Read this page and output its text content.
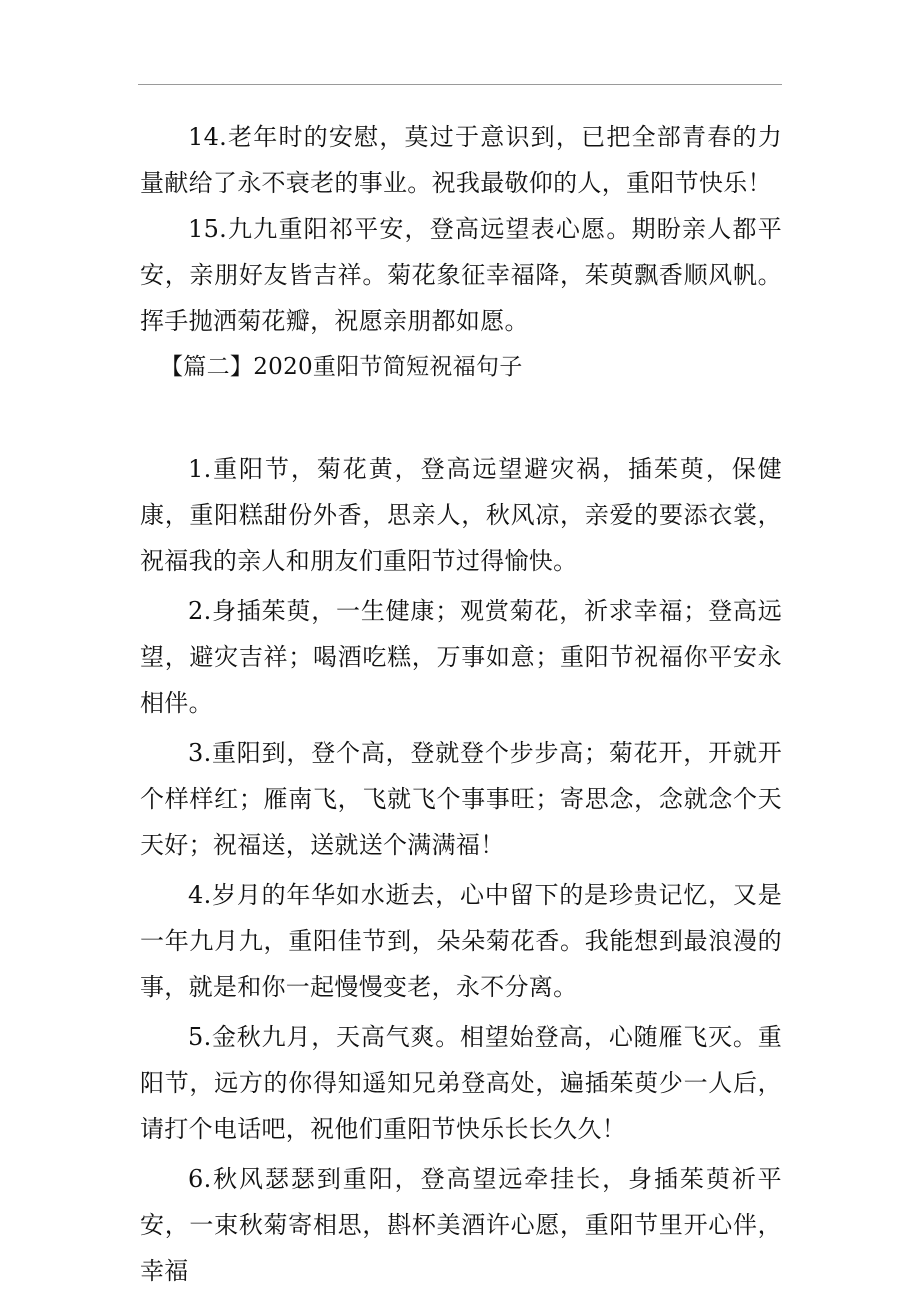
14.老年时的安慰，莫过于意识到，已把全部青春的力量献给了永不衰老的事业。祝我最敬仰的人，重阳节快乐！

15.九九重阳祁平安，登高远望表心愿。期盼亲人都平安，亲朋好友皆吉祥。菊花象征幸福降，茱萸飘香顺风帆。挥手抛洒菊花瓣，祝愿亲朋都如愿。

【篇二】2020重阳节简短祝福句子

1.重阳节，菊花黄，登高远望避灾祸，插茱萸，保健康，重阳糕甜份外香，思亲人，秋风凉，亲爱的要添衣裳，祝福我的亲人和朋友们重阳节过得愉快。

2.身插茱萸，一生健康；观赏菊花，祈求幸福；登高远望，避灾吉祥；喝酒吃糕，万事如意；重阳节祝福你平安永相伴。

3.重阳到，登个高，登就登个步步高；菊花开，开就开个样样红；雁南飞，飞就飞个事事旺；寄思念，念就念个天天好；祝福送，送就送个满满福！

4.岁月的年华如水逝去，心中留下的是珍贵记忆，又是一年九月九，重阳佳节到，朵朵菊花香。我能想到最浪漫的事，就是和你一起慢慢变老，永不分离。

5.金秋九月，天高气爽。相望始登高，心随雁飞灭。重阳节，远方的你得知遥知兄弟登高处，遍插茱萸少一人后，请打个电话吧，祝他们重阳节快乐长长久久！

6.秋风瑟瑟到重阳，登高望远牵挂长，身插茱萸祈平安，一束秋菊寄相思，斟杯美酒许心愿，重阳节里开心伴，幸福
